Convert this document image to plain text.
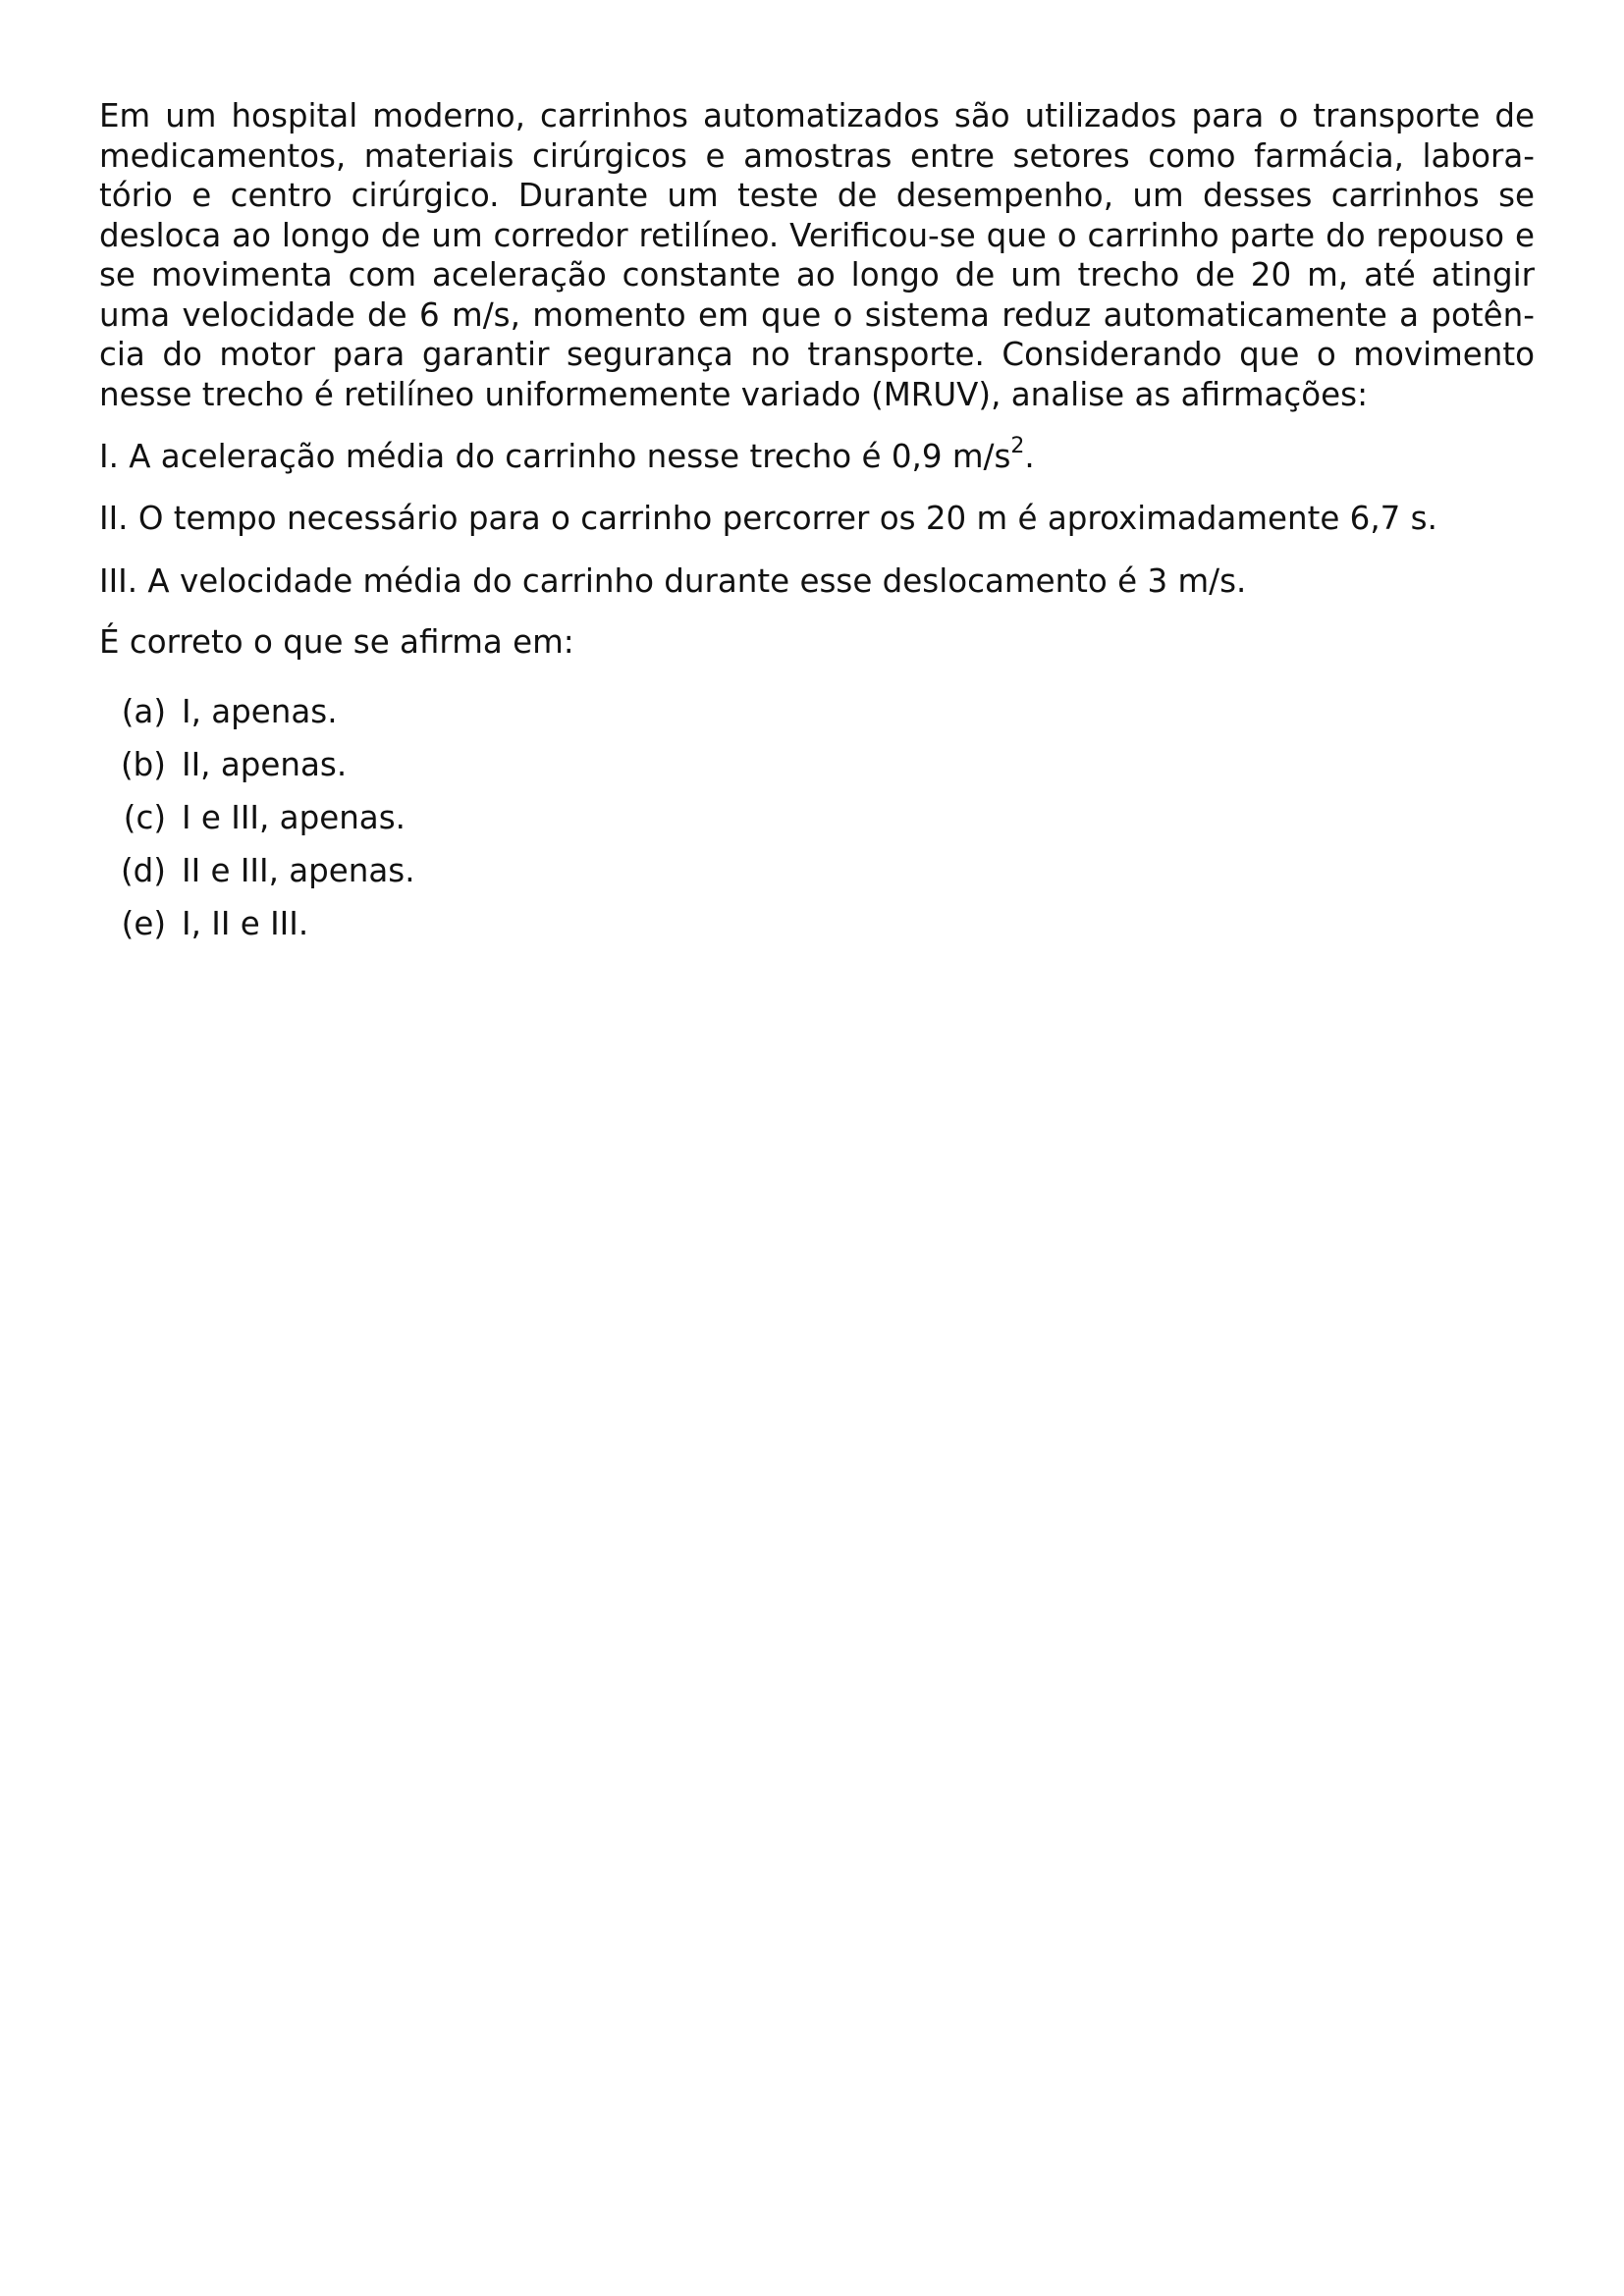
Em um hospital moderno, carrinhos automatizados são utilizados para o transporte de medicamentos, materiais cirúrgicos e amostras entre setores como farmácia, labora- tório e centro cirúrgico. Durante um teste de desempenho, um desses carrinhos se desloca ao longo de um corredor retilíneo. Verificou-se que o carrinho parte do repouso e se movimenta com aceleração constante ao longo de um trecho de 20 m, até atingir uma velocidade de 6 m/s, momento em que o sistema reduz automaticamente a potên- cia do motor para garantir segurança no transporte. Considerando que o movimento nesse trecho é retilíneo uniformemente variado (MRUV), analise as afirmações:

I. A aceleração média do carrinho nesse trecho é 0,9 $m/s^2$.

II. O tempo necessário para o carrinho percorrer os 20 m é aproximadamente 6,7 s.

III. A velocidade média do carrinho durante esse deslocamento é 3 m/s.

É correto o que se afirma em:

(a) I, apenas.
(b) II, apenas.
(c) I e III, apenas.
(d) II e III, apenas.
(e) I, II e III.
